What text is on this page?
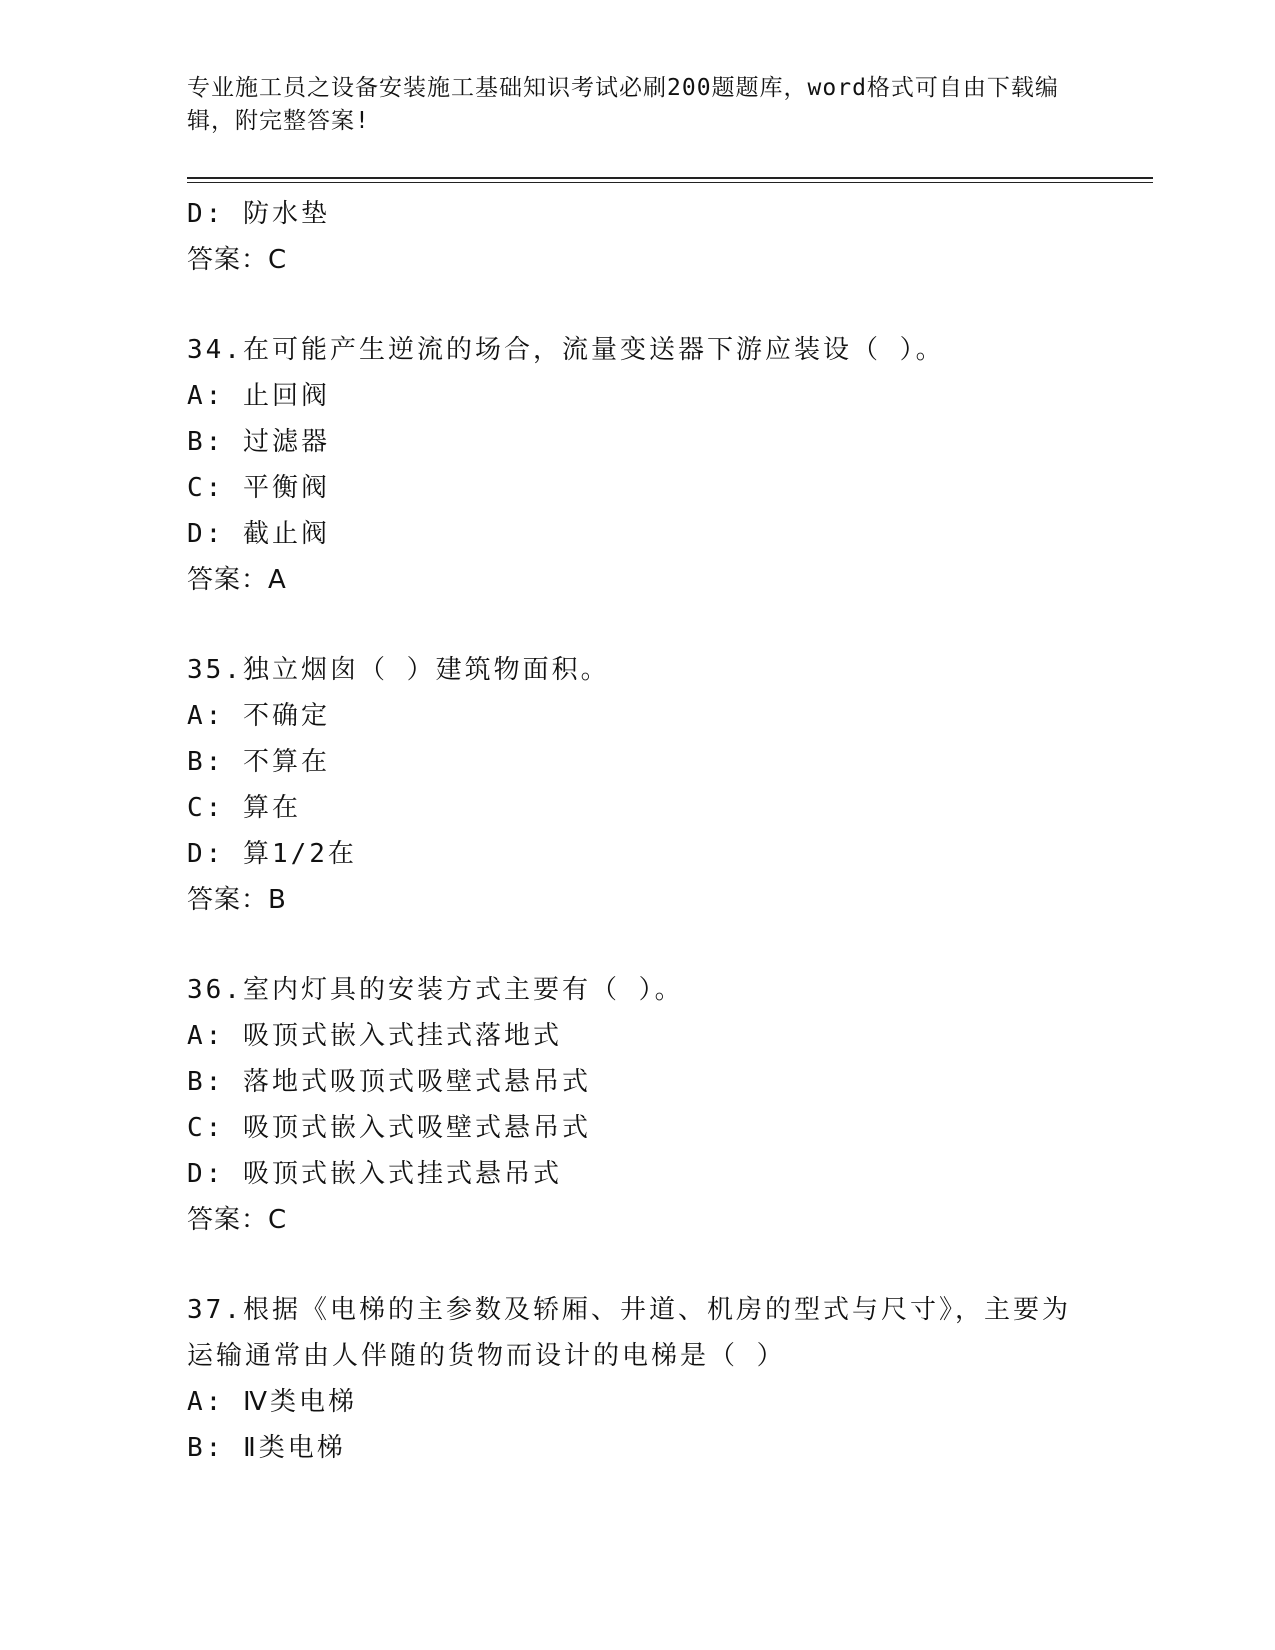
专业施工员之设备安装施工基础知识考试必刷200题题库，word格式可自由下载编辑，附完整答案!
D: 防水垫
答案：C
34.在可能产生逆流的场合，流量变送器下游应装设（ ）。
A: 止回阀
B: 过滤器
C: 平衡阀
D: 截止阀
答案：A
35.独立烟囱（ ）建筑物面积。
A: 不确定
B: 不算在
C: 算在
D: 算1/2在
答案：B
36.室内灯具的安装方式主要有（ ）。
A: 吸顶式嵌入式挂式落地式
B: 落地式吸顶式吸壁式悬吊式
C: 吸顶式嵌入式吸壁式悬吊式
D: 吸顶式嵌入式挂式悬吊式
答案：C
37.根据《电梯的主参数及轿厢、井道、机房的型式与尺寸》，主要为运输通常由人伴随的货物而设计的电梯是（ ）
A: Ⅳ类电梯
B: Ⅱ类电梯
